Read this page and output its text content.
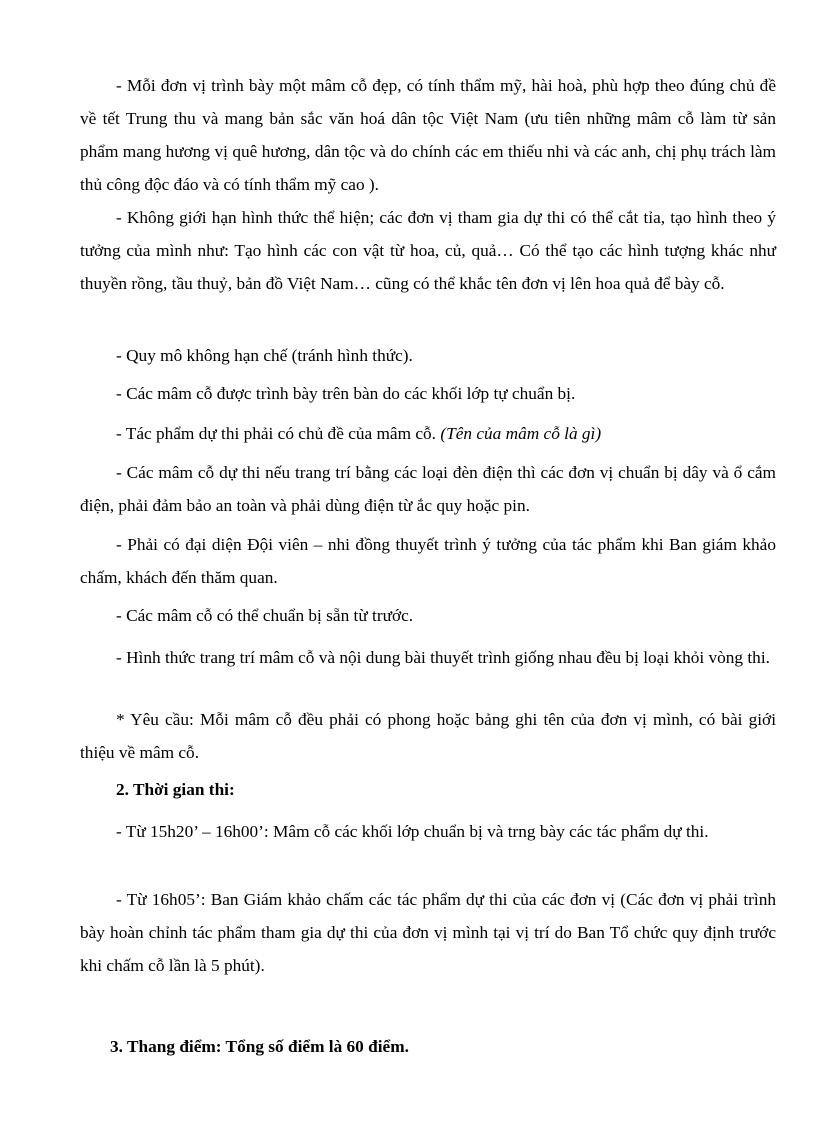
- Mỗi đơn vị trình bày một mâm cỗ đẹp, có tính thẩm mỹ, hài hoà, phù hợp theo đúng chủ đề về tết Trung thu và mang bản sắc văn hoá dân tộc Việt Nam (ưu tiên những mâm cỗ làm từ sản phẩm mang hương vị quê hương, dân tộc và do chính các em thiếu nhi và các anh, chị phụ trách làm thủ công độc đáo và có tính thẩm mỹ cao ).

- Không giới hạn hình thức thể hiện; các đơn vị tham gia dự thi có thể cắt tỉa, tạo hình theo ý tưởng của mình như: Tạo hình các con vật từ hoa, củ, quả… Có thể tạo các hình tượng khác như thuyền rồng, tầu thuỷ, bản đồ Việt Nam… cũng có thể khắc tên đơn vị lên hoa quả để bày cỗ.

- Quy mô không hạn chế (tránh hình thức).

- Các mâm cỗ được trình bày trên bàn do các khối lớp tự chuẩn bị.

- Tác phẩm dự thi phải có chủ đề của mâm cỗ. (Tên của mâm cỗ là gì)

- Các mâm cỗ dự thi nếu trang trí bằng các loại đèn điện thì các đơn vị chuẩn bị dây và ổ cắm điện, phải đảm bảo an toàn và phải dùng điện từ ắc quy hoặc pin.

- Phải có đại diện Đội viên – nhi đồng thuyết trình ý tưởng của tác phẩm khi Ban giám khảo chấm, khách đến thăm quan.

- Các mâm cỗ có thể chuẩn bị sẵn từ trước.

- Hình thức trang trí mâm cỗ và nội dung bài thuyết trình giống nhau đều bị loại khỏi vòng thi.

* Yêu cầu: Mỗi mâm cỗ đều phải có phong hoặc bảng ghi tên của đơn vị mình, có bài giới thiệu về mâm cỗ.

2. Thời gian thi:

- Từ 15h20’ – 16h00’: Mâm cỗ các khối lớp chuẩn bị và trng bày các tác phẩm dự thi.

- Từ 16h05’: Ban Giám khảo chấm các tác phẩm dự thi của các đơn vị (Các đơn vị phải trình bày hoàn chỉnh tác phẩm tham gia dự thi của đơn vị mình tại vị trí do Ban Tổ chức quy định trước khi chấm cỗ lần là 5 phút).

3. Thang điểm: Tổng số điểm là 60 điểm.
